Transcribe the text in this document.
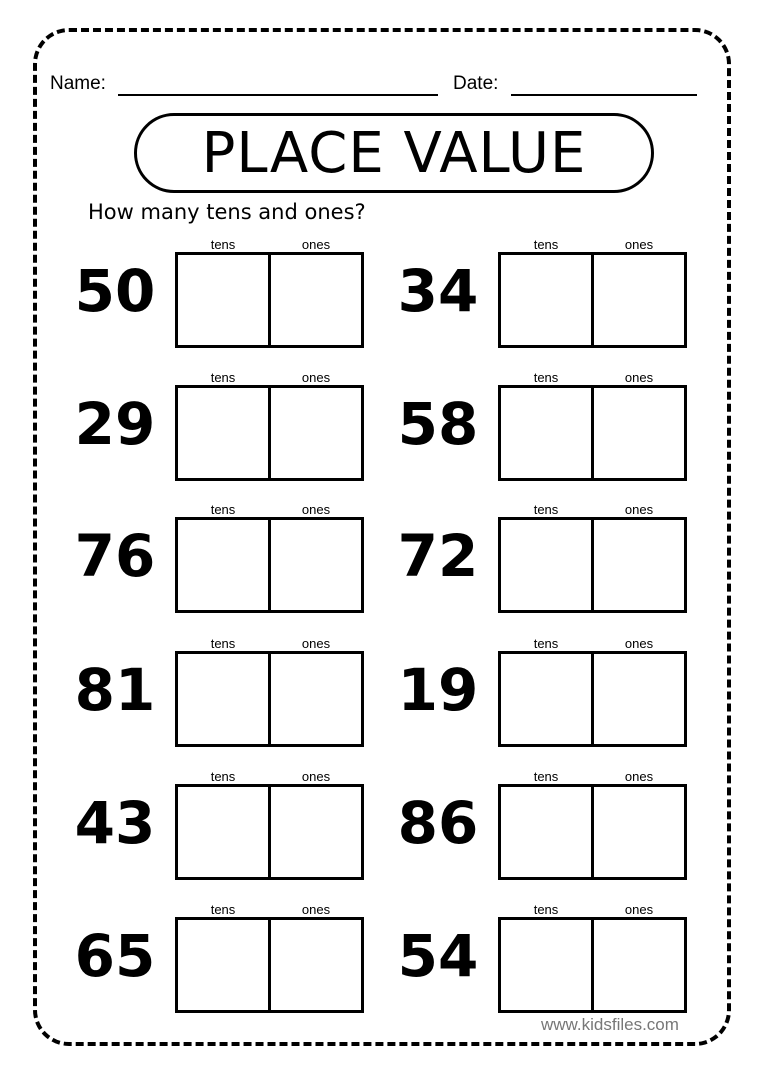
Name:	Date:
PLACE VALUE
How many tens and ones?
50
tens	ones
29
tens	ones
76
tens	ones
81
tens	ones
43
tens	ones
65
tens	ones
34
tens	ones
58
tens	ones
72
tens	ones
19
tens	ones
86
tens	ones
54
tens	ones
www.kidsfiles.com
